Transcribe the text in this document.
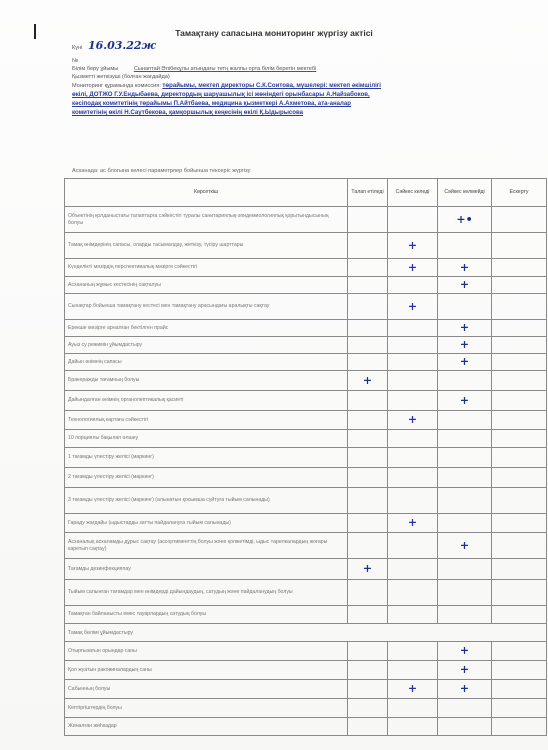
Тамақтану сапасына мониторинг жүргізу актісі
Күні 16.03.22ж
№
Білім беру ұйымы	Сынаптай Әлібекұлы атындағы тетң жалпы орта білім беретін мектебі
Қызметті жеткізуші (болған жағдайда)
Мониторинг құрамында комиссия: төрайымы, мектеп директоры С.К.Соитова, мүшелері: мектеп әкімшілігі
өкілі, ДОТЖО Г.У.Ендыбаева, директордың шаруашылық ісі жөніндегі орынбасары А.Найзабоков,
кәсіподақ комитетінің төрайымы П.Айтбаева, медицина қызметкері А.Ахметова, ата-аналар
комитетінің өкілі Н.Саутбекова, қамқоршылық кеңесінің өкілі Қ.Ыдырысова
Асханада: ас блогына келесі параметрлер бойынша тексеріс жүргізу
Көрсеткіш	Талап етіледі	Сәйкес келеді	Сәйкес келмейді	Ескерту
Объектінің қолданыстағы талаптарға сәйкестігі туралы санитариялық-эпидемиологиялық қорытындысының болуы			+•	
Тамақ өнімдерінің сапасы, оларды тасымалдау, жеткізу, түсіру шарттары		+		
Күнделікті мәзірдің перспективалық мәзірге сәйкестігі		+	+	
Асхананың жұмыс кестесінің сақталуы			+	
Сынақтар бойынша тамақтану кестесі мен тамақтану арасындағы аралықты сақтау		+		
Ерекше мәзірге арналған бектілген прайс			+	
Ауыз су режимін ұйымдастыру			+	
Дайын өнімнің сапасы			+	
Бракеражды тағамның болуы	+			
Дайындалған өнімнің органолептикалық қасиеті			+	
Технологиялық картаға сәйкестігі		+		
10 порциялы бақылап өлшеу				
1 тағамды үлестіру желісі (маркинг)				
2 тағамды үлестіру желісі (маркинг)				
3 тағамды үлестіру желісі (маркинг) (алынатын қосымша сүйтуға тыйым салынады)				
Гараду жағдайы (ыдыстарды затты пайдалануға тыйым салынады)		+		
Асханалық асхаламды дұрыс сақтау (ассортименттің болуы және қолжетімді, ыдыс тарелкалардың жоғары каретып сақтау)			+	
Тағамды дезинфекциялау	+			
Тыйым салынған тағамдар мен өнімдерді дайындаудың, сатудың және пайдаланудың болуы				
Тамақтан байланысты емес тауарлардың сатудың болуы				
Тамақ бөлімі ұйымдастыру				
Отырғызатын орындар саны			+	
Қол жуатын раковиналардың саны			+	
Сабынның болуы		+	+	
Кептіргіштердің болуы				
Жиналған жиһаздар				
